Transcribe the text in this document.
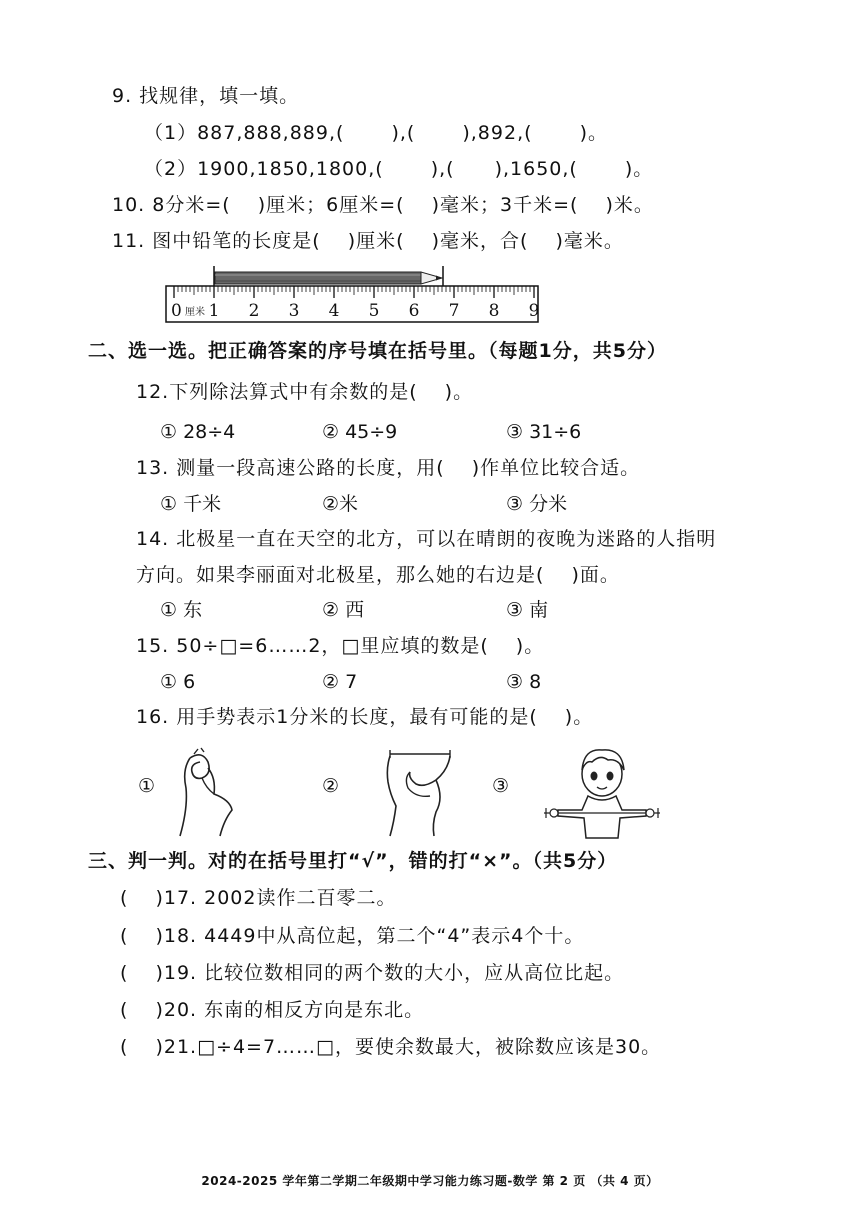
9. 找规律，填一填。
（1）887,888,889,(　　 ),(　　 ),892,(　　 )。
（2）1900,1850,1800,(　　 ),(　　),1650,(　　 )。
10. 8分米=(　 )厘米；6厘米=(　 )毫米；3千米=(　 )米。
11. 图中铅笔的长度是(　 )厘米(　 )毫米，合(　 )毫米。
0 1 2 3 4 5 6 7 8 9
厘米
二、选一选。把正确答案的序号填在括号里。（每题1分，共5分）
12.下列除法算式中有余数的是(　 )。
① 28÷4	② 45÷9	③ 31÷6
13. 测量一段高速公路的长度，用(　 )作单位比较合适。
① 千米	②米	③ 分米
14. 北极星一直在天空的北方，可以在晴朗的夜晚为迷路的人指明
方向。如果李丽面对北极星，那么她的右边是(　 )面。
① 东	② 西	③ 南
15. 50÷□=6……2，□里应填的数是(　 )。
① 6	② 7	③ 8
16. 用手势表示1分米的长度，最有可能的是(　 )。
①	②	③
三、判一判。对的在括号里打“√”，错的打“×”。（共5分）
(　 )17. 2002读作二百零二。
(　 )18. 4449中从高位起，第二个“4”表示4个十。
(　 )19. 比较位数相同的两个数的大小，应从高位比起。
(　 )20. 东南的相反方向是东北。
(　 )21.□÷4=7……□，要使余数最大，被除数应该是30。
2024-2025 学年第二学期二年级期中学习能力练习题-数学 第 2 页 （共 4 页）
